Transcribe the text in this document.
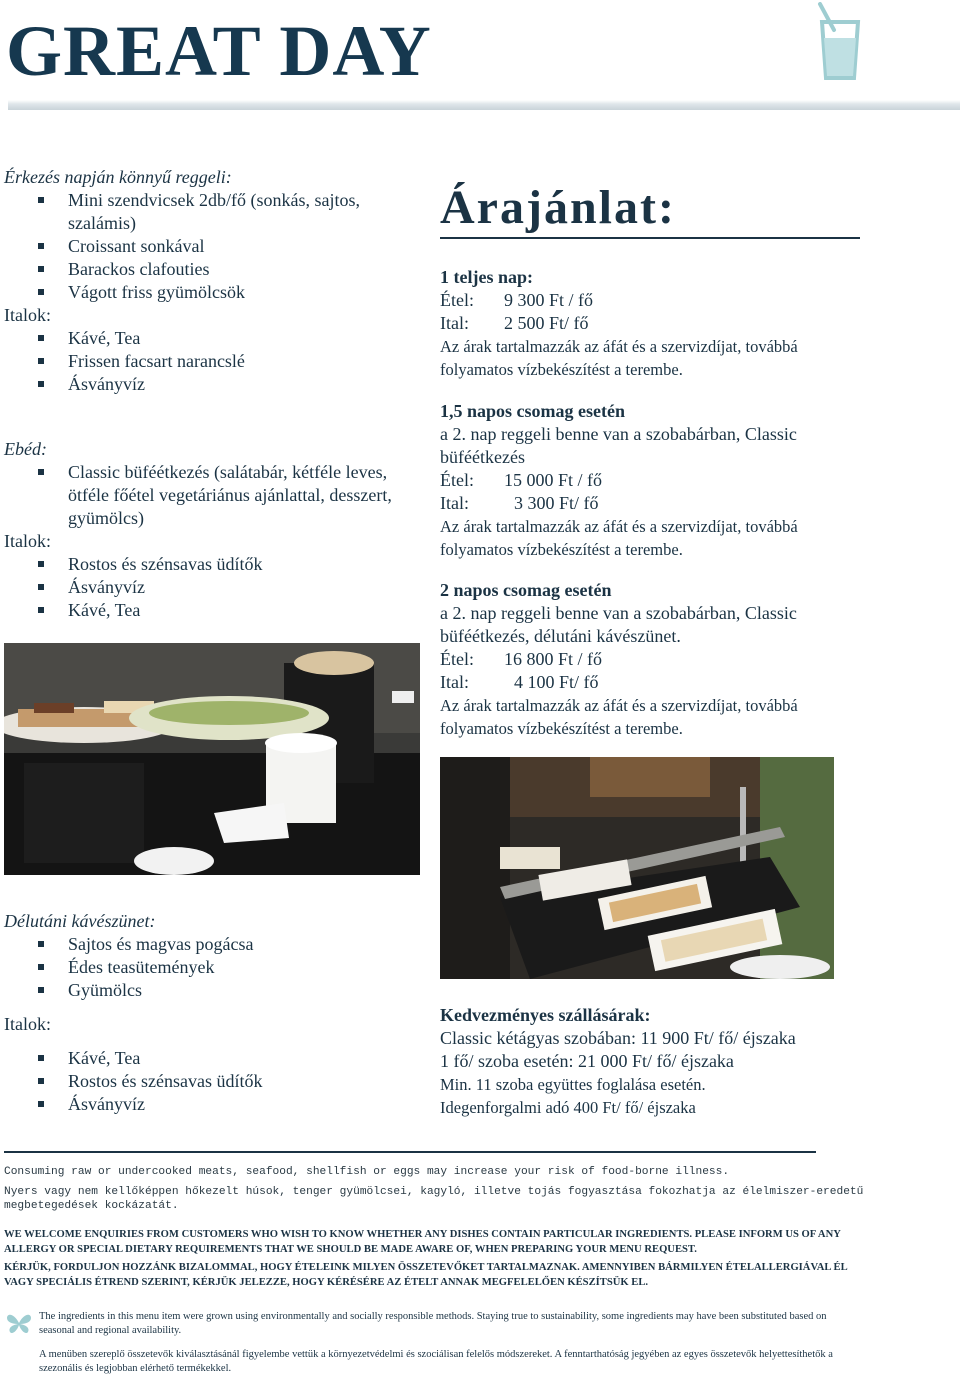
GREAT DAY
Érkezés napján könnyű reggeli:
Mini szendvicsek 2db/fő (sonkás, sajtos, szalámis)
Croissant sonkával
Barackos clafouties
Vágott friss gyümölcsök
Italok:
Kávé, Tea
Frissen facsart narancslé
Ásványvíz
Ebéd:
Classic büféétkezés (salátabár, kétféle leves, ötféle főétel vegetáriánus ajánlattal, desszert, gyümölcs)
Italok:
Rostos és szénsavas üdítők
Ásványvíz
Kávé, Tea
Árajánlat:
1 teljes nap:
Étel:	9 300 Ft / fő
Ital:	2 500 Ft/ fő
Az árak tartalmazzák az áfát és a szervizdíjat, továbbá folyamatos vízbekészítést a terembe.
1,5 napos csomag esetén
a 2. nap reggeli benne van a szobabárban, Classic büféétkezés
Étel:	15 000 Ft / fő
Ital:	3 300 Ft/ fő
Az árak tartalmazzák az áfát és a szervizdíjat, továbbá folyamatos vízbekészítést a terembe.
2 napos csomag esetén
a 2. nap reggeli benne van a szobabárban, Classic büféétkezés, délutáni kávészünet.
Étel:	16 800 Ft / fő
Ital:	4 100 Ft/ fő
Az árak tartalmazzák az áfát és a szervizdíjat, továbbá folyamatos vízbekészítést a terembe.
Délutáni kávészünet:
Sajtos és magvas pogácsa
Édes teasütemények
Gyümölcs
Italok:
Kávé, Tea
Rostos és szénsavas üdítők
Ásványvíz
Kedvezményes szállásárak:
Classic kétágyas szobában: 11 900 Ft/ fő/ éjszaka
1 fő/ szoba esetén: 21 000 Ft/ fő/ éjszaka
Min. 11 szoba együttes foglalása esetén.
Idegenforgalmi adó 400 Ft/ fő/ éjszaka
Consuming raw or undercooked meats, seafood, shellfish or eggs may increase your risk of food-borne illness.
Nyers vagy nem kellőképpen hőkezelt húsok, tenger gyümölcsei, kagyló, illetve tojás fogyasztása fokozhatja az élelmiszer-eredetű megbetegedések kockázatát.
WE WELCOME ENQUIRIES FROM CUSTOMERS WHO WISH TO KNOW WHETHER ANY DISHES CONTAIN PARTICULAR INGREDIENTS. PLEASE INFORM US OF ANY ALLERGY OR SPECIAL DIETARY REQUIREMENTS THAT WE SHOULD BE MADE AWARE OF, WHEN PREPARING YOUR MENU REQUEST.
KÉRJÜK, FORDULJON HOZZÁNK BIZALOMMAL, HOGY ÉTELEINK MILYEN ÖSSZETEVŐKET TARTALMAZNAK. AMENNYIBEN BÁRMILYEN ÉTELALLERGIÁVAL ÉL VAGY SPECIÁLIS ÉTREND SZERINT, KÉRJÜK JELEZZE, HOGY KÉRÉSÉRE AZ ÉTELT ANNAK MEGFELELŐEN KÉSZÍTSÜK EL.
The ingredients in this menu item were grown using environmentally and socially responsible methods. Staying true to sustainability, some ingredients may have been substituted based on seasonal and regional availability.
A menüben szereplő összetevők kiválasztásánál figyelembe vettük a környezetvédelmi és szociálisan felelős módszereket. A fenntarthatóság jegyében az egyes összetevők helyettesíthetők a szezonális és legjobban elérhető termékekkel.
